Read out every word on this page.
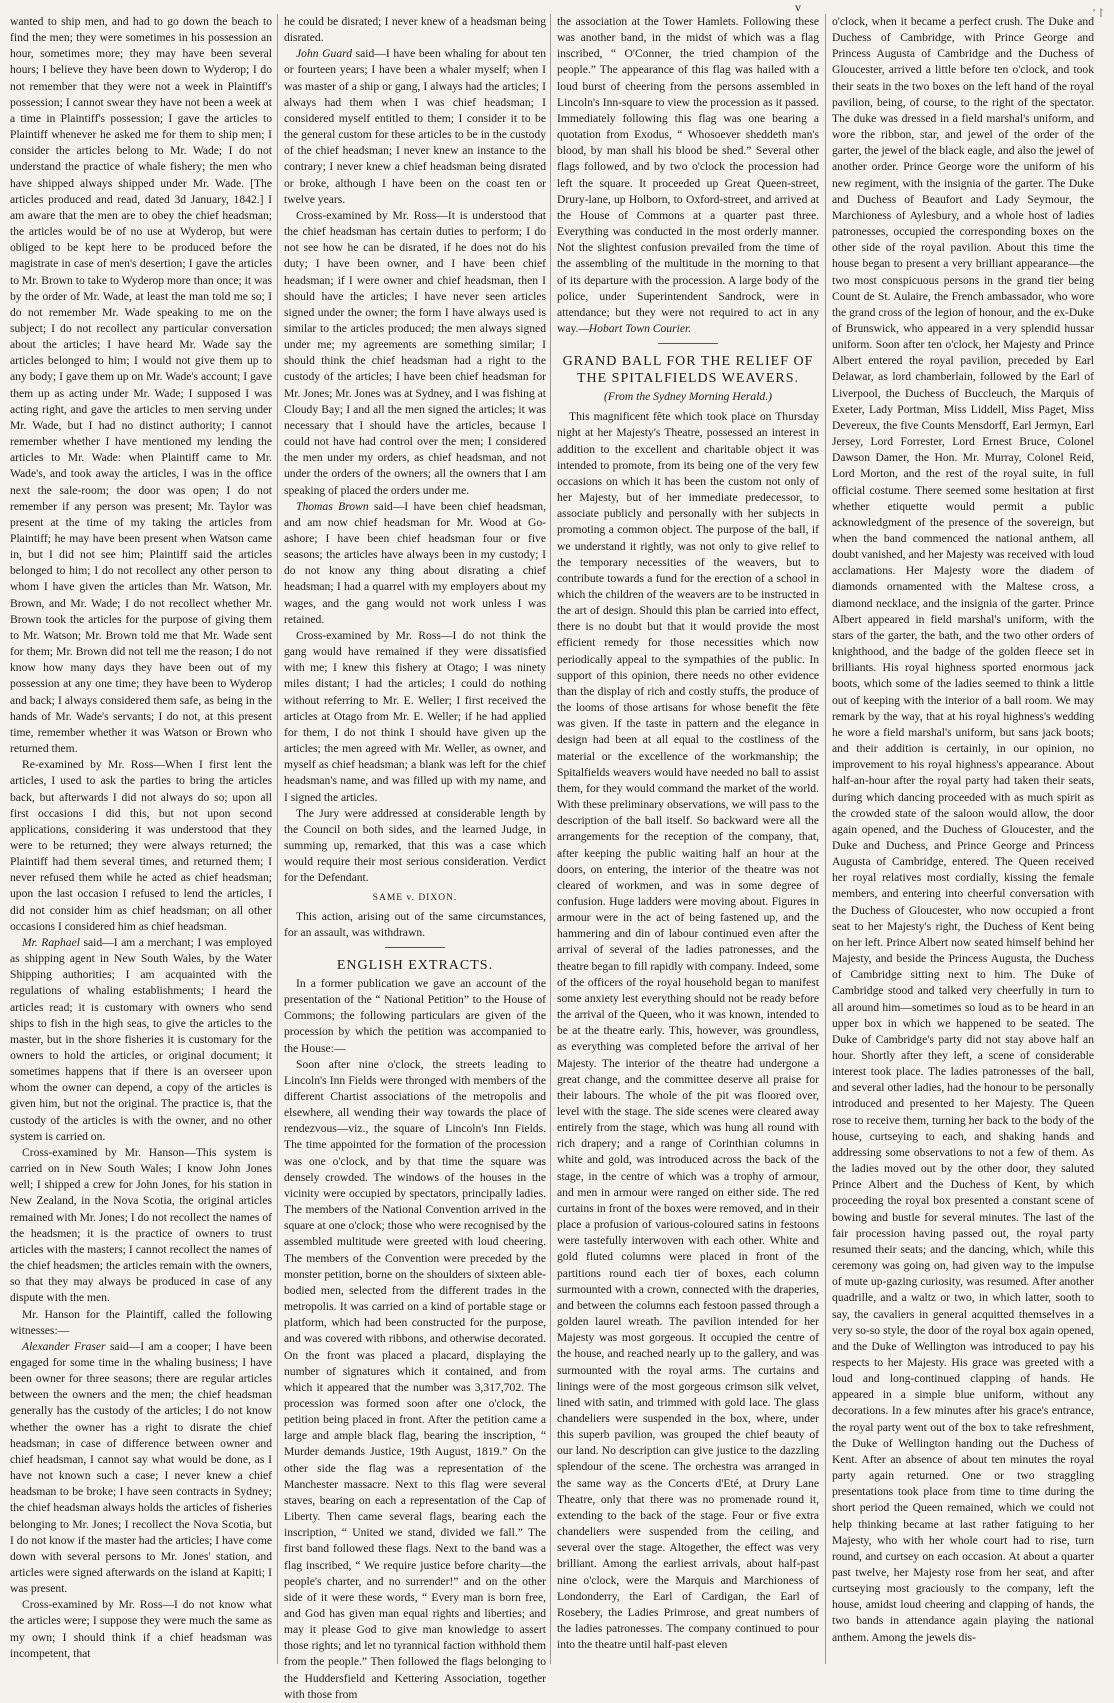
v	ʼ↾

wanted to ship men, and had to go down the beach to find the men; they were sometimes in his possession an hour, sometimes more; they may have been several hours; I believe they have been down to Wyderop; I do not remember that they were not a week in Plaintiff's possession; I cannot swear they have not been a week at a time in Plaintiff's possession; I gave the articles to Plaintiff whenever he asked me for them to ship men; I consider the articles belong to Mr. Wade; I do not understand the practice of whale fishery; the men who have shipped always shipped under Mr. Wade. [The articles produced and read, dated 3d January, 1842.] I am aware that the men are to obey the chief headsman; the articles would be of no use at Wyderop, but were obliged to be kept here to be produced before the magistrate in case of men's desertion; I gave the articles to Mr. Brown to take to Wyderop more than once; it was by the order of Mr. Wade, at least the man told me so; I do not remember Mr. Wade speaking to me on the subject; I do not recollect any particular conversation about the articles; I have heard Mr. Wade say the articles belonged to him; I would not give them up to any body; I gave them up on Mr. Wade's account; I gave them up as acting under Mr. Wade; I supposed I was acting right, and gave the articles to men serving under Mr. Wade, but I had no distinct authority; I cannot remember whether I have mentioned my lending the articles to Mr. Wade: when Plaintiff came to Mr. Wade's, and took away the articles, I was in the office next the sale-room; the door was open; I do not remember if any person was present; Mr. Taylor was present at the time of my taking the articles from Plaintiff; he may have been present when Watson came in, but I did not see him; Plaintiff said the articles belonged to him; I do not recollect any other person to whom I have given the articles than Mr. Watson, Mr. Brown, and Mr. Wade; I do not recollect whether Mr. Brown took the articles for the purpose of giving them to Mr. Watson; Mr. Brown told me that Mr. Wade sent for them; Mr. Brown did not tell me the reason; I do not know how many days they have been out of my possession at any one time; they have been to Wyderop and back; I always considered them safe, as being in the hands of Mr. Wade's servants; I do not, at this present time, remember whether it was Watson or Brown who returned them.

Re-examined by Mr. Ross—When I first lent the articles, I used to ask the parties to bring the articles back, but afterwards I did not always do so; upon all first occasions I did this, but not upon second applications, considering it was understood that they were to be returned; they were always returned; the Plaintiff had them several times, and returned them; I never refused them while he acted as chief headsman; upon the last occasion I refused to lend the articles, I did not consider him as chief headsman; on all other occasions I considered him as chief headsman.

Mr. Raphael said—I am a merchant; I was employed as shipping agent in New South Wales, by the Water Shipping authorities; I am acquainted with the regulations of whaling establishments; I heard the articles read; it is customary with owners who send ships to fish in the high seas, to give the articles to the master, but in the shore fisheries it is customary for the owners to hold the articles, or original document; it sometimes happens that if there is an overseer upon whom the owner can depend, a copy of the articles is given him, but not the original. The practice is, that the custody of the articles is with the owner, and no other system is carried on.

Cross-examined by Mr. Hanson—This system is carried on in New South Wales; I know John Jones well; I shipped a crew for John Jones, for his station in New Zealand, in the Nova Scotia, the original articles remained with Mr. Jones; I do not recollect the names of the headsmen; it is the practice of owners to trust articles with the masters; I cannot recollect the names of the chief headsmen; the articles remain with the owners, so that they may always be produced in case of any dispute with the men.

Mr. Hanson for the Plaintiff, called the following witnesses:—

Alexander Fraser said—I am a cooper; I have been engaged for some time in the whaling business; I have been owner for three seasons; there are regular articles between the owners and the men; the chief headsman generally has the custody of the articles; I do not know whether the owner has a right to disrate the chief headsman; in case of difference between owner and chief headsman, I cannot say what would be done, as I have not known such a case; I never knew a chief headsman to be broke; I have seen contracts in Sydney; the chief headsman always holds the articles of fisheries belonging to Mr. Jones; I recollect the Nova Scotia, but I do not know if the master had the articles; I have come down with several persons to Mr. Jones' station, and articles were signed afterwards on the island at Kapiti; I was present.

Cross-examined by Mr. Ross—I do not know what the articles were; I suppose they were much the same as my own; I should think if a chief headsman was incompetent, that

he could be disrated; I never knew of a headsman being disrated.

John Guard said—I have been whaling for about ten or fourteen years; I have been a whaler myself; when I was master of a ship or gang, I always had the articles; I always had them when I was chief headsman; I considered myself entitled to them; I consider it to be the general custom for these articles to be in the custody of the chief headsman; I never knew an instance to the contrary; I never knew a chief headsman being disrated or broke, although I have been on the coast ten or twelve years.

Cross-examined by Mr. Ross—It is understood that the chief headsman has certain duties to perform; I do not see how he can be disrated, if he does not do his duty; I have been owner, and I have been chief headsman; if I were owner and chief headsman, then I should have the articles; I have never seen articles signed under the owner; the form I have always used is similar to the articles produced; the men always signed under me; my agreements are something similar; I should think the chief headsman had a right to the custody of the articles; I have been chief headsman for Mr. Jones; Mr. Jones was at Sydney, and I was fishing at Cloudy Bay; I and all the men signed the articles; it was necessary that I should have the articles, because I could not have had control over the men; I considered the men under my orders, as chief headsman, and not under the orders of the owners; all the owners that I am speaking of placed the orders under me.

Thomas Brown said—I have been chief headsman, and am now chief headsman for Mr. Wood at Go-ashore; I have been chief headsman four or five seasons; the articles have always been in my custody; I do not know any thing about disrating a chief headsman; I had a quarrel with my employers about my wages, and the gang would not work unless I was retained.

Cross-examined by Mr. Ross—I do not think the gang would have remained if they were dissatisfied with me; I knew this fishery at Otago; I was ninety miles distant; I had the articles; I could do nothing without referring to Mr. E. Weller; I first received the articles at Otago from Mr. E. Weller; if he had applied for them, I do not think I should have given up the articles; the men agreed with Mr. Weller, as owner, and myself as chief headsman; a blank was left for the chief headsman's name, and was filled up with my name, and I signed the articles.

The Jury were addressed at considerable length by the Council on both sides, and the learned Judge, in summing up, remarked, that this was a case which would require their most serious consideration. Verdict for the Defendant.

SAME v. DIXON.

This action, arising out of the same circumstances, for an assault, was withdrawn.

ENGLISH EXTRACTS.

In a former publication we gave an account of the presentation of the “ National Petition” to the House of Commons; the following particulars are given of the procession by which the petition was accompanied to the House:—

Soon after nine o'clock, the streets leading to Lincoln's Inn Fields were thronged with members of the different Chartist associations of the metropolis and elsewhere, all wending their way towards the place of rendezvous—viz., the square of Lincoln's Inn Fields. The time appointed for the formation of the procession was one o'clock, and by that time the square was densely crowded. The windows of the houses in the vicinity were occupied by spectators, principally ladies. The members of the National Convention arrived in the square at one o'clock; those who were recognised by the assembled multitude were greeted with loud cheering. The members of the Convention were preceded by the monster petition, borne on the shoulders of sixteen able-bodied men, selected from the different trades in the metropolis. It was carried on a kind of portable stage or platform, which had been constructed for the purpose, and was covered with ribbons, and otherwise decorated. On the front was placed a placard, displaying the number of signatures which it contained, and from which it appeared that the number was 3,317,702. The procession was formed soon after one o'clock, the petition being placed in front. After the petition came a large and ample black flag, bearing the inscription, “ Murder demands Justice, 19th August, 1819.” On the other side the flag was a representation of the Manchester massacre. Next to this flag were several staves, bearing on each a representation of the Cap of Liberty. Then came several flags, bearing each the inscription, “ United we stand, divided we fall.” The first band followed these flags. Next to the band was a flag inscribed, “ We require justice before charity—the people's charter, and no surrender!” and on the other side of it were these words, “ Every man is born free, and God has given man equal rights and liberties; and may it please God to give man knowledge to assert those rights; and let no tyrannical faction withhold them from the people.” Then followed the flags belonging to the Huddersfield and Kettering Association, together with those from

the association at the Tower Hamlets. Following these was another band, in the midst of which was a flag inscribed, “ O'Conner, the tried champion of the people.” The appearance of this flag was hailed with a loud burst of cheering from the persons assembled in Lincoln's Inn-square to view the procession as it passed. Immediately following this flag was one bearing a quotation from Exodus, “ Whosoever sheddeth man's blood, by man shall his blood be shed.” Several other flags followed, and by two o'clock the procession had left the square. It proceeded up Great Queen-street, Drury-lane, up Holborn, to Oxford-street, and arrived at the House of Commons at a quarter past three. Everything was conducted in the most orderly manner. Not the slightest confusion prevailed from the time of the assembling of the multitude in the morning to that of its departure with the procession. A large body of the police, under Superintendent Sandrock, were in attendance; but they were not required to act in any way.—Hobart Town Courier.

GRAND BALL FOR THE RELIEF OF
THE SPITALFIELDS WEAVERS.
(From the Sydney Morning Herald.)

This magnificent fête which took place on Thursday night at her Majesty's Theatre, possessed an interest in addition to the excellent and charitable object it was intended to promote, from its being one of the very few occasions on which it has been the custom not only of her Majesty, but of her immediate predecessor, to associate publicly and personally with her subjects in promoting a common object. The purpose of the ball, if we understand it rightly, was not only to give relief to the temporary necessities of the weavers, but to contribute towards a fund for the erection of a school in which the children of the weavers are to be instructed in the art of design. Should this plan be carried into effect, there is no doubt but that it would provide the most efficient remedy for those necessities which now periodically appeal to the sympathies of the public. In support of this opinion, there needs no other evidence than the display of rich and costly stuffs, the produce of the looms of those artisans for whose benefit the fête was given. If the taste in pattern and the elegance in design had been at all equal to the costliness of the material or the excellence of the workmanship; the Spitalfields weavers would have needed no ball to assist them, for they would command the market of the world. With these preliminary observations, we will pass to the description of the ball itself. So backward were all the arrangements for the reception of the company, that, after keeping the public waiting half an hour at the doors, on entering, the interior of the theatre was not cleared of workmen, and was in some degree of confusion. Huge ladders were moving about. Figures in armour were in the act of being fastened up, and the hammering and din of labour continued even after the arrival of several of the ladies patronesses, and the theatre began to fill rapidly with company. Indeed, some of the officers of the royal household began to manifest some anxiety lest everything should not be ready before the arrival of the Queen, who it was known, intended to be at the theatre early. This, however, was groundless, as everything was completed before the arrival of her Majesty. The interior of the theatre had undergone a great change, and the committee deserve all praise for their labours. The whole of the pit was floored over, level with the stage. The side scenes were cleared away entirely from the stage, which was hung all round with rich drapery; and a range of Corinthian columns in white and gold, was introduced across the back of the stage, in the centre of which was a trophy of armour, and men in armour were ranged on either side. The red curtains in front of the boxes were removed, and in their place a profusion of various-coloured satins in festoons were tastefully interwoven with each other. White and gold fluted columns were placed in front of the partitions round each tier of boxes, each column surmounted with a crown, connected with the draperies, and between the columns each festoon passed through a golden laurel wreath. The pavilion intended for her Majesty was most gorgeous. It occupied the centre of the house, and reached nearly up to the gallery, and was surmounted with the royal arms. The curtains and linings were of the most gorgeous crimson silk velvet, lined with satin, and trimmed with gold lace. The glass chandeliers were suspended in the box, where, under this superb pavilion, was grouped the chief beauty of our land. No description can give justice to the dazzling splendour of the scene. The orchestra was arranged in the same way as the Concerts d'Eté, at Drury Lane Theatre, only that there was no promenade round it, extending to the back of the stage. Four or five extra chandeliers were suspended from the ceiling, and several over the stage. Altogether, the effect was very brilliant. Among the earliest arrivals, about half-past nine o'clock, were the Marquis and Marchioness of Londonderry, the Earl of Cardigan, the Earl of Rosebery, the Ladies Primrose, and great numbers of the ladies patronesses. The company continued to pour into the theatre until half-past eleven

o'clock, when it became a perfect crush. The Duke and Duchess of Cambridge, with Prince George and Princess Augusta of Cambridge and the Duchess of Gloucester, arrived a little before ten o'clock, and took their seats in the two boxes on the left hand of the royal pavilion, being, of course, to the right of the spectator. The duke was dressed in a field marshal's uniform, and wore the ribbon, star, and jewel of the order of the garter, the jewel of the black eagle, and also the jewel of another order. Prince George wore the uniform of his new regiment, with the insignia of the garter. The Duke and Duchess of Beaufort and Lady Seymour, the Marchioness of Aylesbury, and a whole host of ladies patronesses, occupied the corresponding boxes on the other side of the royal pavilion. About this time the house began to present a very brilliant appearance—the two most conspicuous persons in the grand tier being Count de St. Aulaire, the French ambassador, who wore the grand cross of the legion of honour, and the ex-Duke of Brunswick, who appeared in a very splendid hussar uniform. Soon after ten o'clock, her Majesty and Prince Albert entered the royal pavilion, preceded by Earl Delawar, as lord chamberlain, followed by the Earl of Liverpool, the Duchess of Buccleuch, the Marquis of Exeter, Lady Portman, Miss Liddell, Miss Paget, Miss Devereux, the five Counts Mensdorff, Earl Jermyn, Earl Jersey, Lord Forrester, Lord Ernest Bruce, Colonel Dawson Damer, the Hon. Mr. Murray, Colonel Reid, Lord Morton, and the rest of the royal suite, in full official costume. There seemed some hesitation at first whether etiquette would permit a public acknowledgment of the presence of the sovereign, but when the band commenced the national anthem, all doubt vanished, and her Majesty was received with loud acclamations. Her Majesty wore the diadem of diamonds ornamented with the Maltese cross, a diamond necklace, and the insignia of the garter. Prince Albert appeared in field marshal's uniform, with the stars of the garter, the bath, and the two other orders of knighthood, and the badge of the golden fleece set in brilliants. His royal highness sported enormous jack boots, which some of the ladies seemed to think a little out of keeping with the interior of a ball room. We may remark by the way, that at his royal highness's wedding he wore a field marshal's uniform, but sans jack boots; and their addition is certainly, in our opinion, no improvement to his royal highness's appearance. About half-an-hour after the royal party had taken their seats, during which dancing proceeded with as much spirit as the crowded state of the saloon would allow, the door again opened, and the Duchess of Gloucester, and the Duke and Duchess, and Prince George and Princess Augusta of Cambridge, entered. The Queen received her royal relatives most cordially, kissing the female members, and entering into cheerful conversation with the Duchess of Gloucester, who now occupied a front seat to her Majesty's right, the Duchess of Kent being on her left. Prince Albert now seated himself behind her Majesty, and beside the Princess Augusta, the Duchess of Cambridge sitting next to him. The Duke of Cambridge stood and talked very cheerfully in turn to all around him—sometimes so loud as to be heard in an upper box in which we happened to be seated. The Duke of Cambridge's party did not stay above half an hour. Shortly after they left, a scene of considerable interest took place. The ladies patronesses of the ball, and several other ladies, had the honour to be personally introduced and presented to her Majesty. The Queen rose to receive them, turning her back to the body of the house, curtseying to each, and shaking hands and addressing some observations to not a few of them. As the ladies moved out by the other door, they saluted Prince Albert and the Duchess of Kent, by which proceeding the royal box presented a constant scene of bowing and bustle for several minutes. The last of the fair procession having passed out, the royal party resumed their seats; and the dancing, which, while this ceremony was going on, had given way to the impulse of mute up-gazing curiosity, was resumed. After another quadrille, and a waltz or two, in which latter, sooth to say, the cavaliers in general acquitted themselves in a very so-so style, the door of the royal box again opened, and the Duke of Wellington was introduced to pay his respects to her Majesty. His grace was greeted with a loud and long-continued clapping of hands. He appeared in a simple blue uniform, without any decorations. In a few minutes after his grace's entrance, the royal party went out of the box to take refreshment, the Duke of Wellington handing out the Duchess of Kent. After an absence of about ten minutes the royal party again returned. One or two straggling presentations took place from time to time during the short period the Queen remained, which we could not help thinking became at last rather fatiguing to her Majesty, who with her whole court had to rise, turn round, and curtsey on each occasion. At about a quarter past twelve, her Majesty rose from her seat, and after curtseying most graciously to the company, left the house, amidst loud cheering and clapping of hands, the two bands in attendance again playing the national anthem. Among the jewels dis-
